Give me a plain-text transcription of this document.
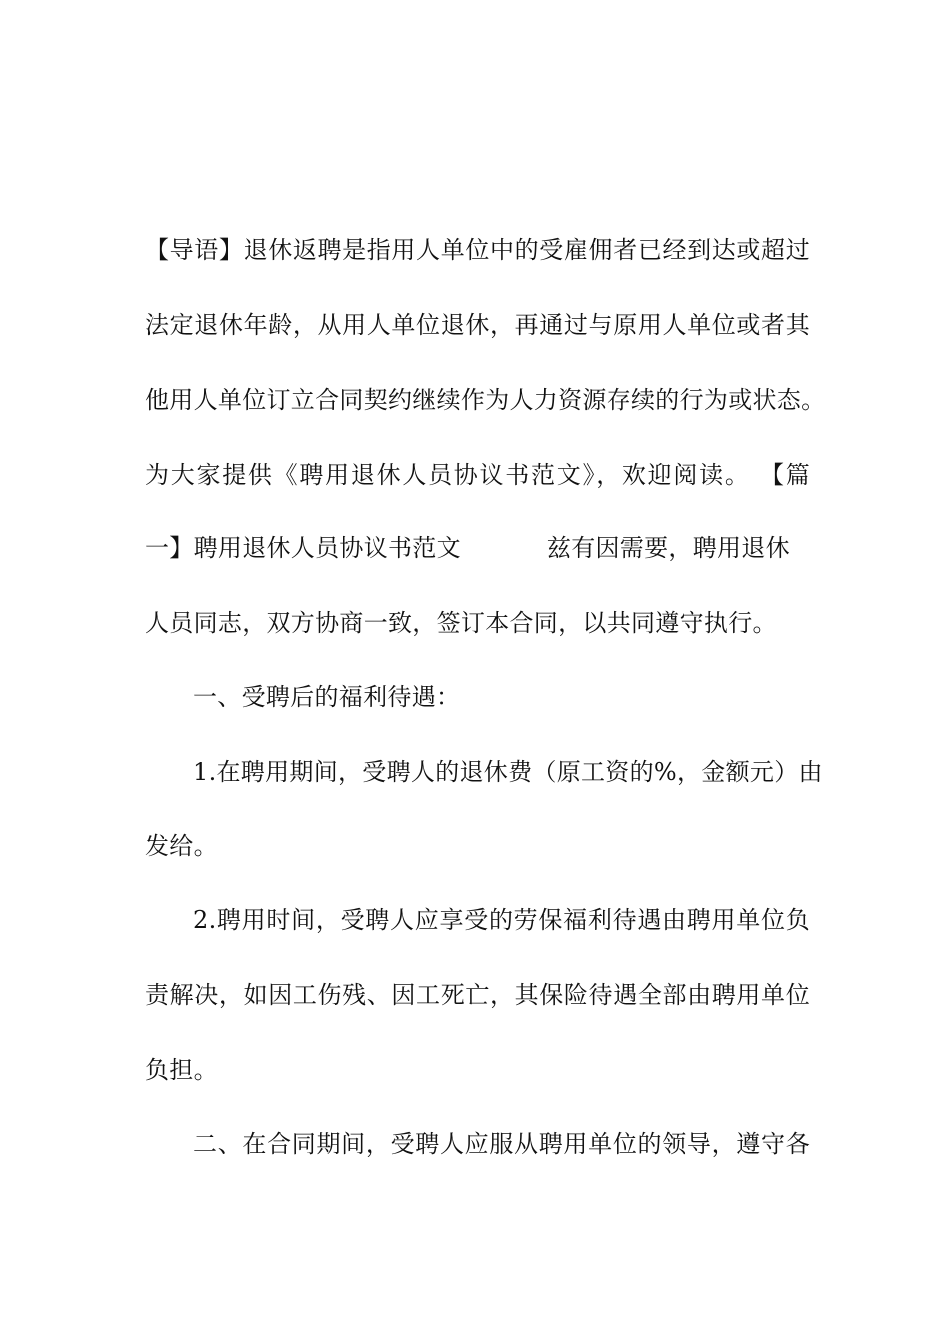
【导语】退休返聘是指用人单位中的受雇佣者已经到达或超过
法定退休年龄，从用人单位退休，再通过与原用人单位或者其
他用人单位订立合同契约继续作为人力资源存续的行为或状态。
为大家提供《聘用退休人员协议书范文》，欢迎阅读。 【篇
一】聘用退休人员协议书范文	兹有因需要，聘用退休
人员同志，双方协商一致，签订本合同，以共同遵守执行。
一、受聘后的福利待遇：
1.在聘用期间，受聘人的退休费（原工资的%，金额元）由
发给。
2.聘用时间，受聘人应享受的劳保福利待遇由聘用单位负
责解决，如因工伤残、因工死亡，其保险待遇全部由聘用单位
负担。
二、在合同期间，受聘人应服从聘用单位的领导，遵守各
